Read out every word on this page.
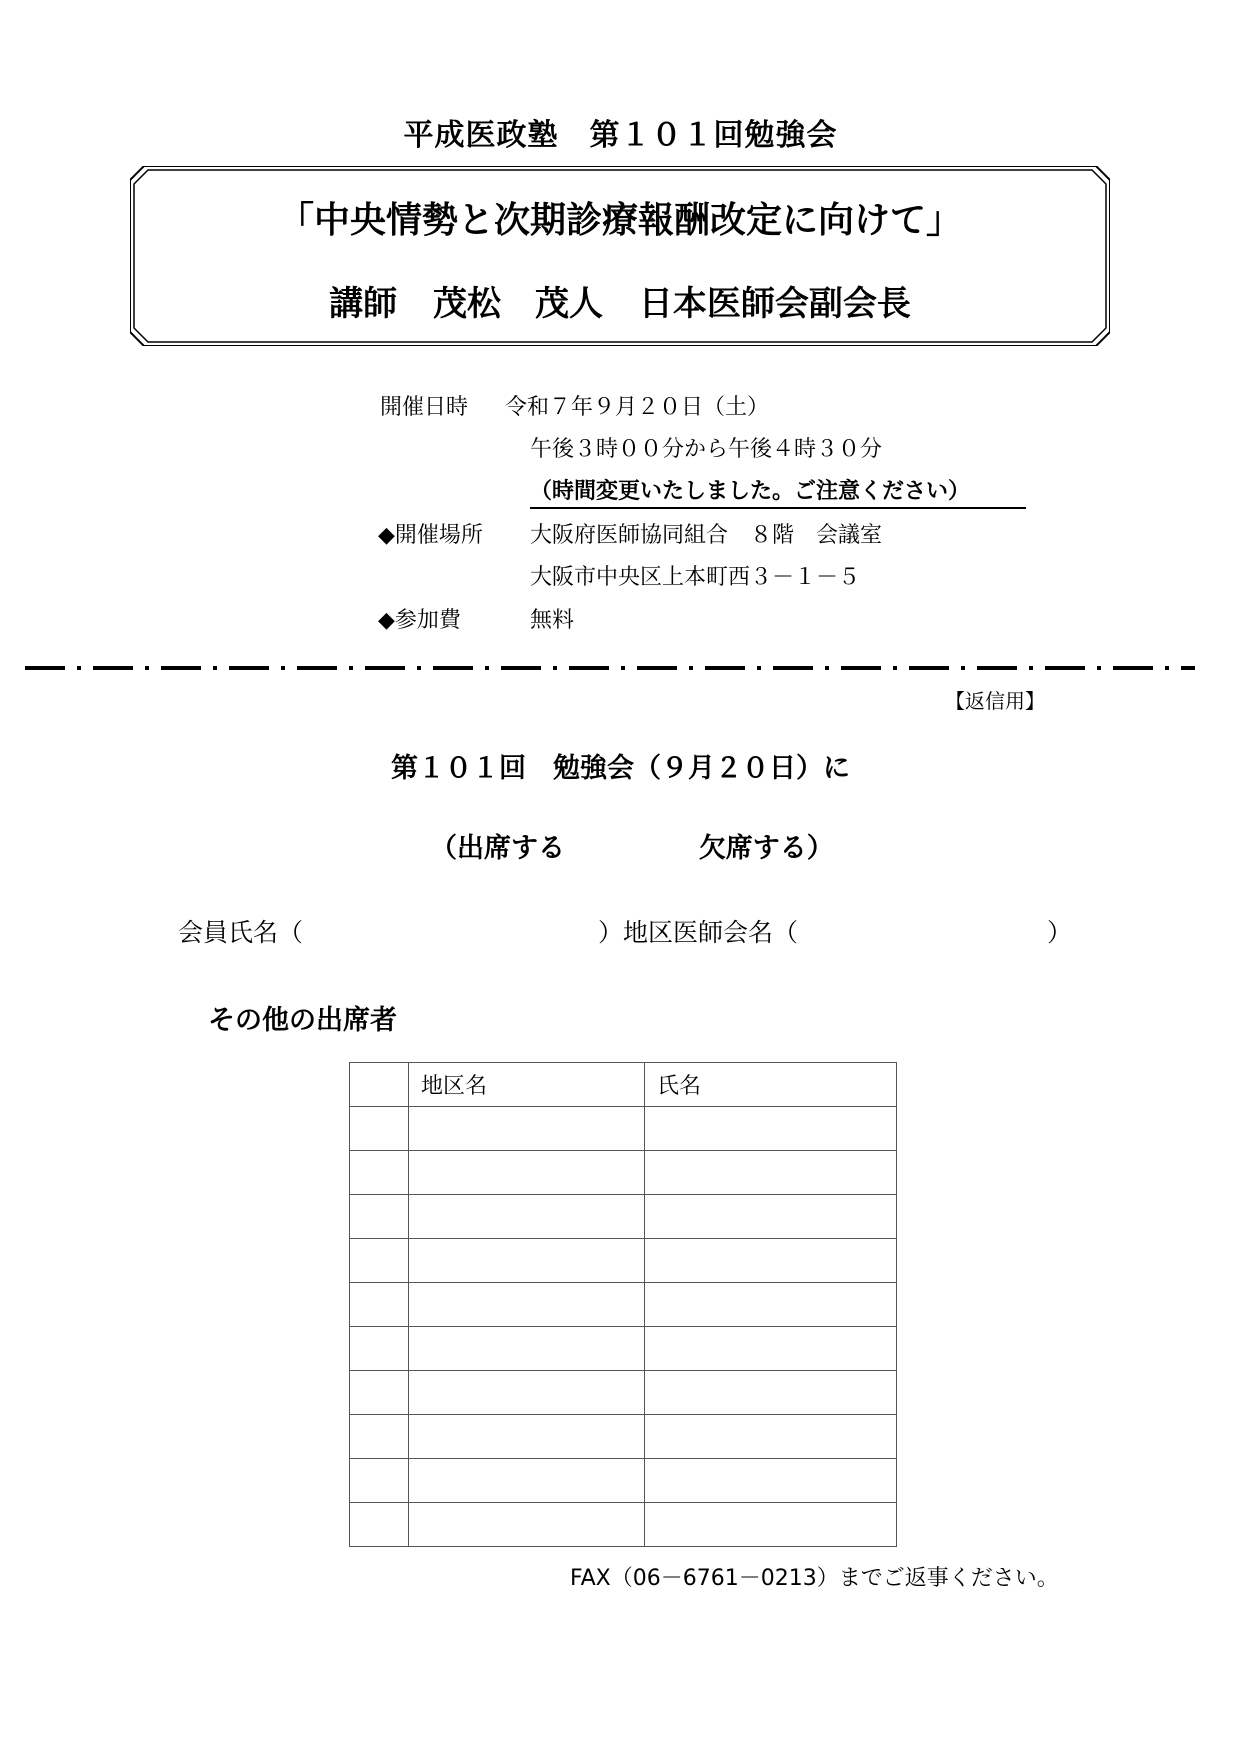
平成医政塾　第１０１回勉強会
「中央情勢と次期診療報酬改定に向けて」
講師 茂松　茂人 日本医師会副会長
開催日時 令和７年９月２０日（土）
午後３時００分から午後４時３０分
（時間変更いたしました。ご注意ください）
◆開催場所 大阪府医師協同組合　８階　会議室
大阪市中央区上本町西３－１－５
◆参加費	無料
【返信用】
第１０１回　勉強会（９月２０日）に
（出席する	欠席する）
会員氏名（	）地区医師会名（	）
その他の出席者
	地区名	氏名

FAX（06－6761－0213）までご返事ください。
